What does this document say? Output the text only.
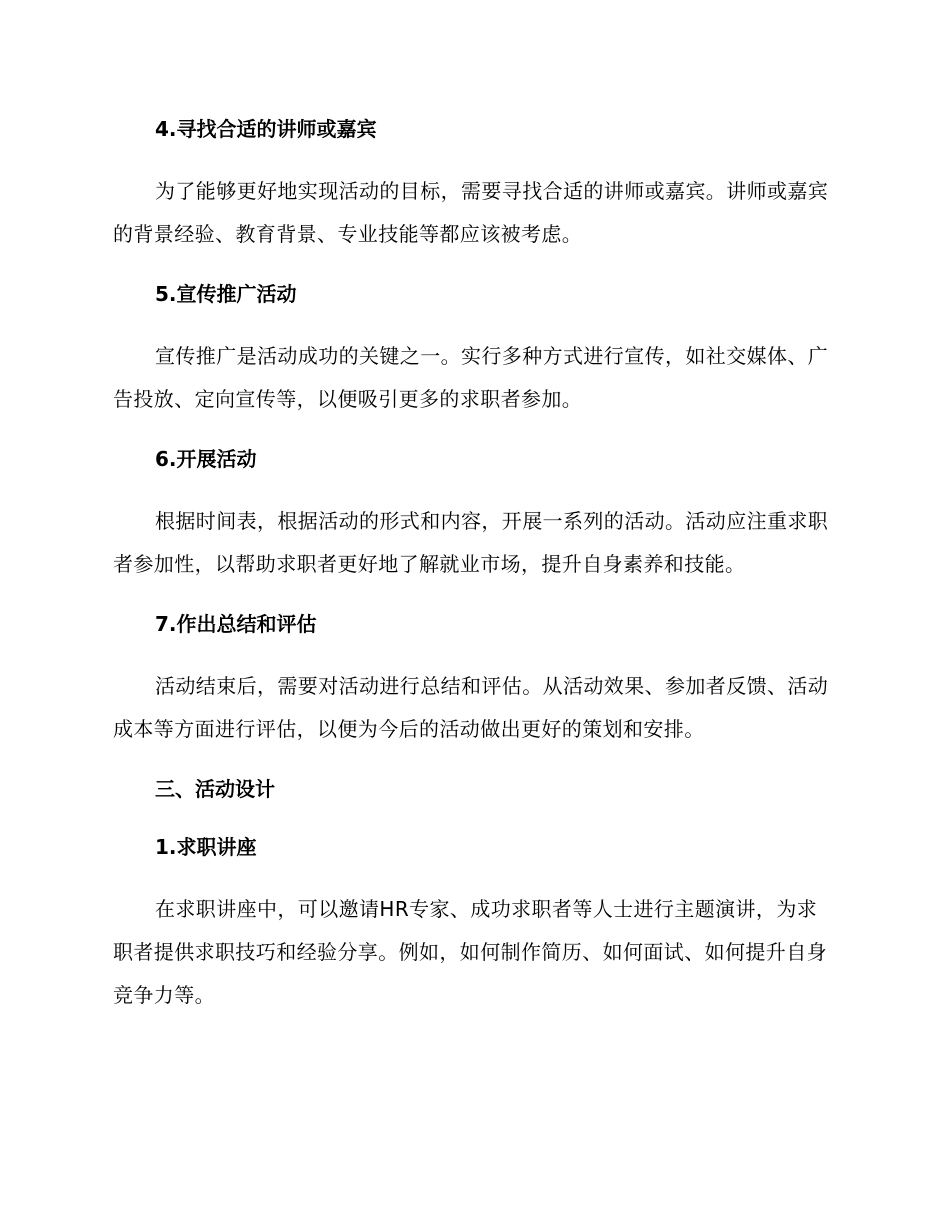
4.寻找合适的讲师或嘉宾

为了能够更好地实现活动的目标，需要寻找合适的讲师或嘉宾。讲师或嘉宾的背景经验、教育背景、专业技能等都应该被考虑。

5.宣传推广活动

宣传推广是活动成功的关键之一。实行多种方式进行宣传，如社交媒体、广告投放、定向宣传等，以便吸引更多的求职者参加。

6.开展活动

根据时间表，根据活动的形式和内容，开展一系列的活动。活动应注重求职者参加性，以帮助求职者更好地了解就业市场，提升自身素养和技能。

7.作出总结和评估

活动结束后，需要对活动进行总结和评估。从活动效果、参加者反馈、活动成本等方面进行评估，以便为今后的活动做出更好的策划和安排。

三、活动设计
1.求职讲座

在求职讲座中，可以邀请HR专家、成功求职者等人士进行主题演讲，为求职者提供求职技巧和经验分享。例如，如何制作简历、如何面试、如何提升自身竞争力等。
